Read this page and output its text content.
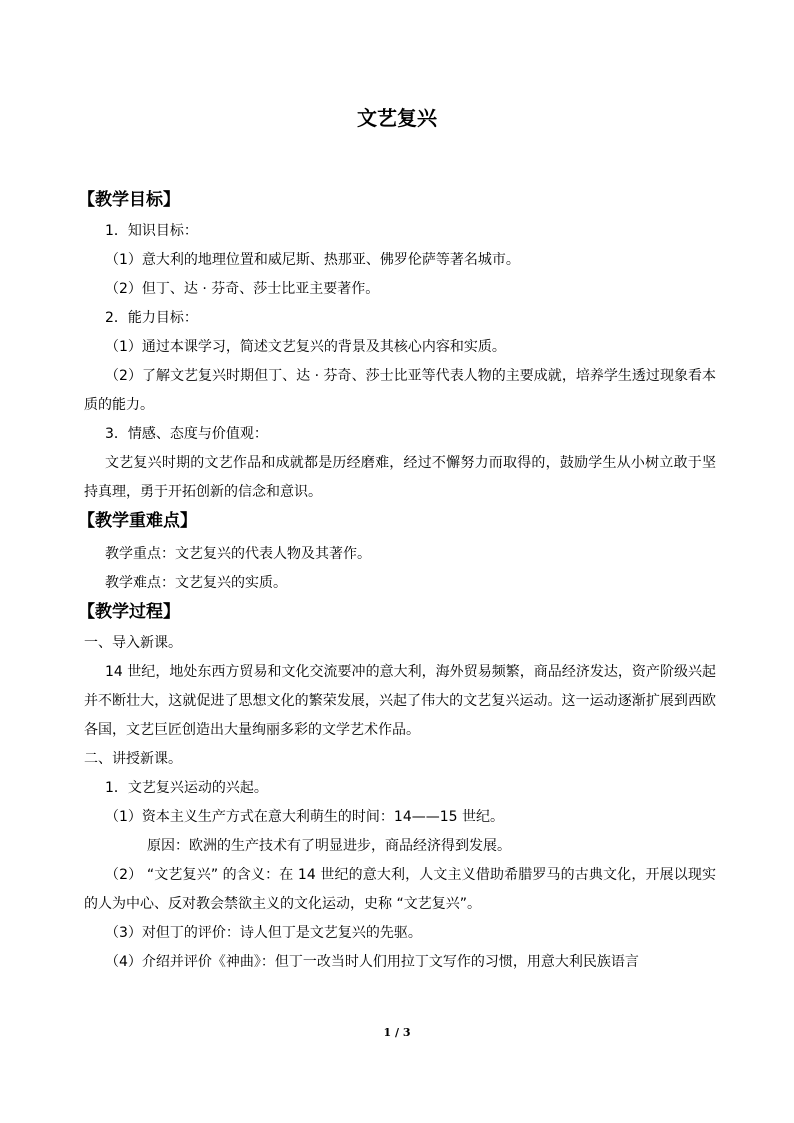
文艺复兴
【教学目标】
1．知识目标：
（1）意大利的地理位置和威尼斯、热那亚、佛罗伦萨等著名城市。
（2）但丁、达 · 芬奇、莎士比亚主要著作。
2．能力目标：
（1）通过本课学习，简述文艺复兴的背景及其核心内容和实质。
（2）了解文艺复兴时期但丁、达 · 芬奇、莎士比亚等代表人物的主要成就，培养学生透过现象看本质的能力。
3．情感、态度与价值观：
文艺复兴时期的文艺作品和成就都是历经磨难，经过不懈努力而取得的，鼓励学生从小树立敢于坚持真理，勇于开拓创新的信念和意识。
【教学重难点】
教学重点：文艺复兴的代表人物及其著作。
教学难点：文艺复兴的实质。
【教学过程】
一、导入新课。
14 世纪，地处东西方贸易和文化交流要冲的意大利，海外贸易频繁，商品经济发达，资产阶级兴起并不断壮大，这就促进了思想文化的繁荣发展，兴起了伟大的文艺复兴运动。这一运动逐渐扩展到西欧各国，文艺巨匠创造出大量绚丽多彩的文学艺术作品。
二、讲授新课。
1．文艺复兴运动的兴起。
（1）资本主义生产方式在意大利萌生的时间：14——15 世纪。
原因：欧洲的生产技术有了明显进步，商品经济得到发展。
（2） “文艺复兴” 的含义：在 14 世纪的意大利，人文主义借助希腊罗马的古典文化，开展以现实的人为中心、反对教会禁欲主义的文化运动，史称 “文艺复兴”。
（3）对但丁的评价：诗人但丁是文艺复兴的先驱。
（4）介绍并评价《神曲》：但丁一改当时人们用拉丁文写作的习惯，用意大利民族语言
1 / 3
